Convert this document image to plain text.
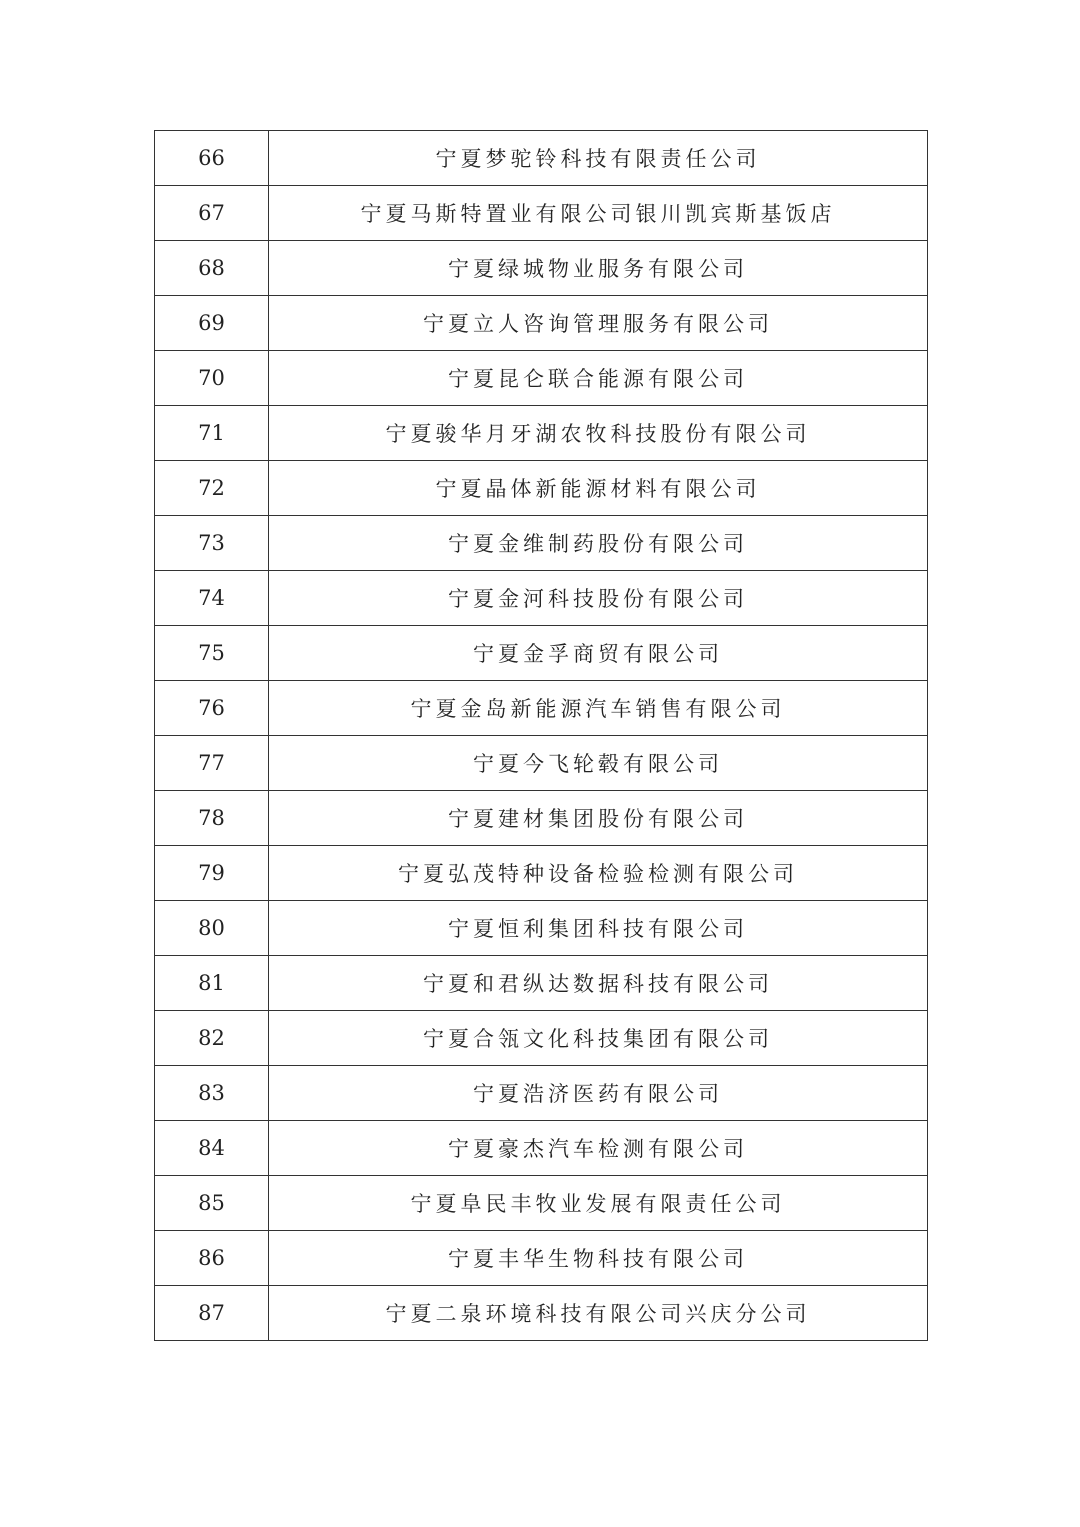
66	宁夏梦驼铃科技有限责任公司
67	宁夏马斯特置业有限公司银川凯宾斯基饭店
68	宁夏绿城物业服务有限公司
69	宁夏立人咨询管理服务有限公司
70	宁夏昆仑联合能源有限公司
71	宁夏骏华月牙湖农牧科技股份有限公司
72	宁夏晶体新能源材料有限公司
73	宁夏金维制药股份有限公司
74	宁夏金河科技股份有限公司
75	宁夏金孚商贸有限公司
76	宁夏金岛新能源汽车销售有限公司
77	宁夏今飞轮毂有限公司
78	宁夏建材集团股份有限公司
79	宁夏弘茂特种设备检验检测有限公司
80	宁夏恒利集团科技有限公司
81	宁夏和君纵达数据科技有限公司
82	宁夏合瓴文化科技集团有限公司
83	宁夏浩济医药有限公司
84	宁夏豪杰汽车检测有限公司
85	宁夏阜民丰牧业发展有限责任公司
86	宁夏丰华生物科技有限公司
87	宁夏二泉环境科技有限公司兴庆分公司
